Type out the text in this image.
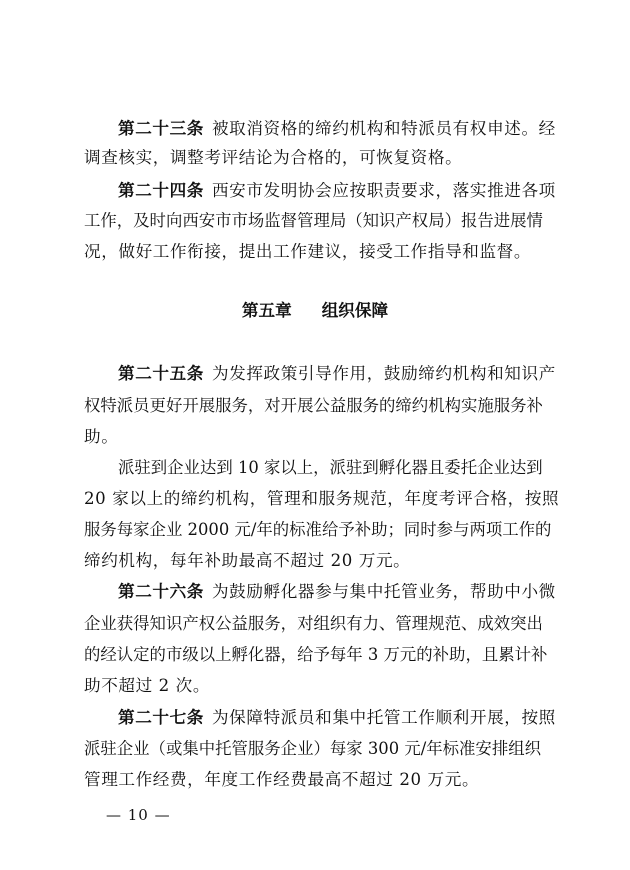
第二十三条 被取消资格的缔约机构和特派员有权申述。经
调查核实，调整考评结论为合格的，可恢复资格。
第二十四条 西安市发明协会应按职责要求，落实推进各项
工作，及时向西安市市场监督管理局（知识产权局）报告进展情
况，做好工作衔接，提出工作建议，接受工作指导和监督。
第二十五条 为发挥政策引导作用，鼓励缔约机构和知识产
权特派员更好开展服务，对开展公益服务的缔约机构实施服务补
助。
派驻到企业达到 10 家以上，派驻到孵化器且委托企业达到
20 家以上的缔约机构，管理和服务规范，年度考评合格，按照
服务每家企业 2000 元/年的标准给予补助；同时参与两项工作的
缔约机构，每年补助最高不超过 20 万元。
第二十六条 为鼓励孵化器参与集中托管业务，帮助中小微
企业获得知识产权公益服务，对组织有力、管理规范、成效突出
的经认定的市级以上孵化器，给予每年 3 万元的补助，且累计补
助不超过 2 次。
第二十七条 为保障特派员和集中托管工作顺利开展，按照
派驻企业（或集中托管服务企业）每家 300 元/年标准安排组织
管理工作经费，年度工作经费最高不超过 20 万元。
第五章 组织保障
— 10 —
